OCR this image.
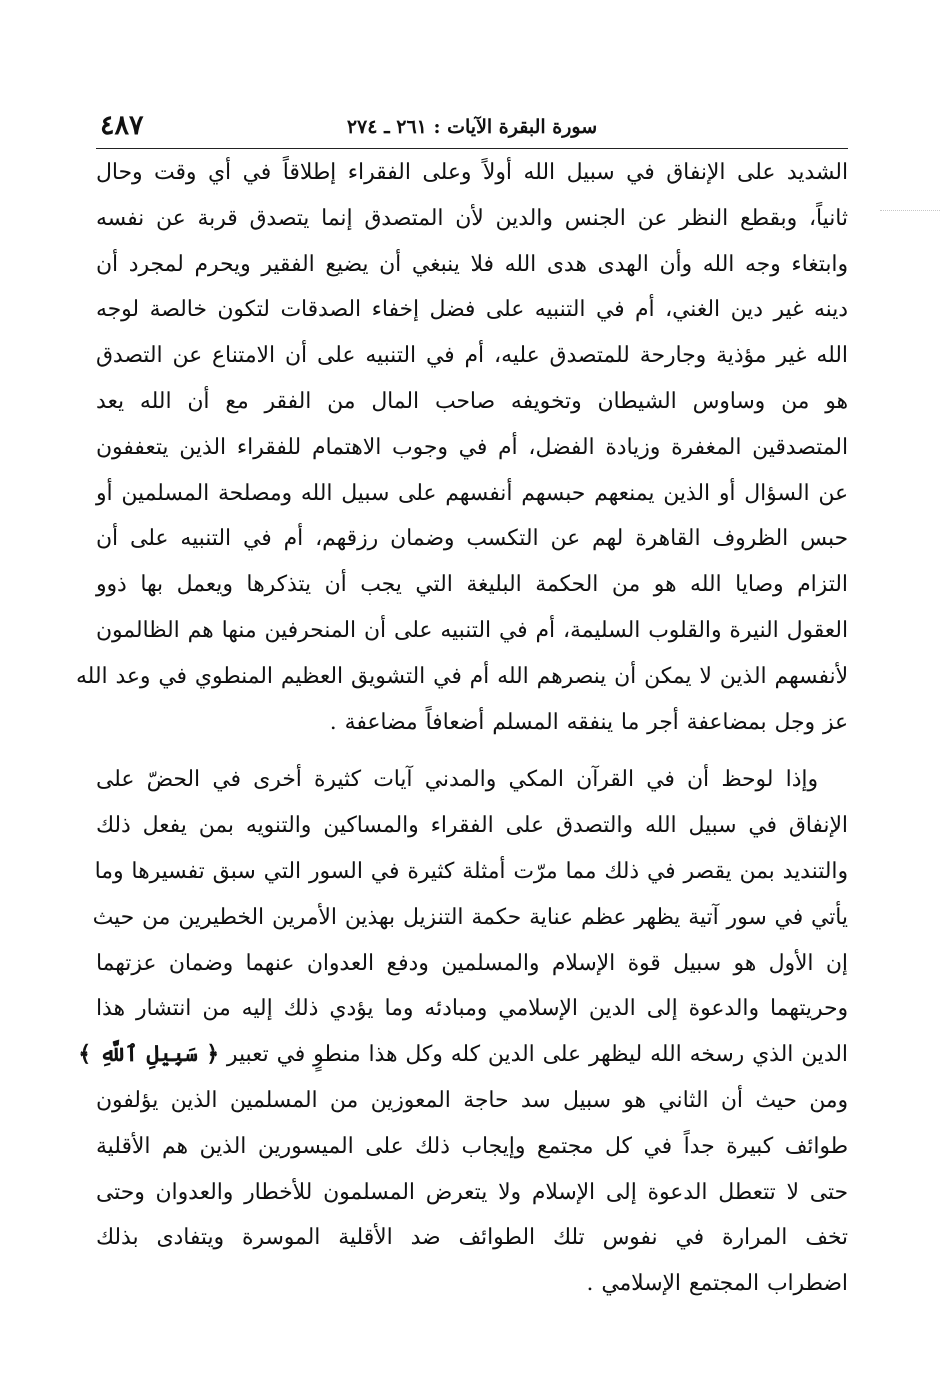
٤٨٧	سورة البقرة الآيات : ٢٦١ ـ ٢٧٤
الشديد على الإنفاق في سبيل الله أولاً وعلى الفقراء إطلاقاً في أي وقت وحال
ثانياً، وبقطع النظر عن الجنس والدين لأن المتصدق إنما يتصدق قربة عن نفسه
وابتغاء وجه الله وأن الهدى هدى الله فلا ينبغي أن يضيع الفقير ويحرم لمجرد أن
دينه غير دين الغني، أم في التنبيه على فضل إخفاء الصدقات لتكون خالصة لوجه
الله غير مؤذية وجارحة للمتصدق عليه، أم في التنبيه على أن الامتناع عن التصدق
هو من وساوس الشيطان وتخويفه صاحب المال من الفقر مع أن الله يعد
المتصدقين المغفرة وزيادة الفضل، أم في وجوب الاهتمام للفقراء الذين يتعففون
عن السؤال أو الذين يمنعهم حبسهم أنفسهم على سبيل الله ومصلحة المسلمين أو
حبس الظروف القاهرة لهم عن التكسب وضمان رزقهم، أم في التنبيه على أن
التزام وصايا الله هو من الحكمة البليغة التي يجب أن يتذكرها ويعمل بها ذوو
العقول النيرة والقلوب السليمة، أم في التنبيه على أن المنحرفين منها هم الظالمون
لأنفسهم الذين لا يمكن أن ينصرهم الله أم في التشويق العظيم المنطوي في وعد الله
عز وجل بمضاعفة أجر ما ينفقه المسلم أضعافاً مضاعفة .
وإذا لوحظ أن في القرآن المكي والمدني آيات كثيرة أخرى في الحضّ على
الإنفاق في سبيل الله والتصدق على الفقراء والمساكين والتنويه بمن يفعل ذلك
والتنديد بمن يقصر في ذلك مما مرّت أمثلة كثيرة في السور التي سبق تفسيرها وما
يأتي في سور آتية يظهر عظم عناية حكمة التنزيل بهذين الأمرين الخطيرين من حيث
إن الأول هو سبيل قوة الإسلام والمسلمين ودفع العدوان عنهما وضمان عزتهما
وحريتهما والدعوة إلى الدين الإسلامي ومبادئه وما يؤدي ذلك إليه من انتشار هذا
الدين الذي رسخه الله ليظهر على الدين كله وكل هذا منطوٍ في تعبير ﴿ سَبِيلِ ٱللَّهِ ﴾
ومن حيث أن الثاني هو سبيل سد حاجة المعوزين من المسلمين الذين يؤلفون
طوائف كبيرة جداً في كل مجتمع وإيجاب ذلك على الميسورين الذين هم الأقلية
حتى لا تتعطل الدعوة إلى الإسلام ولا يتعرض المسلمون للأخطار والعدوان وحتى
تخف المرارة في نفوس تلك الطوائف ضد الأقلية الموسرة ويتفادى بذلك
اضطراب المجتمع الإسلامي .
